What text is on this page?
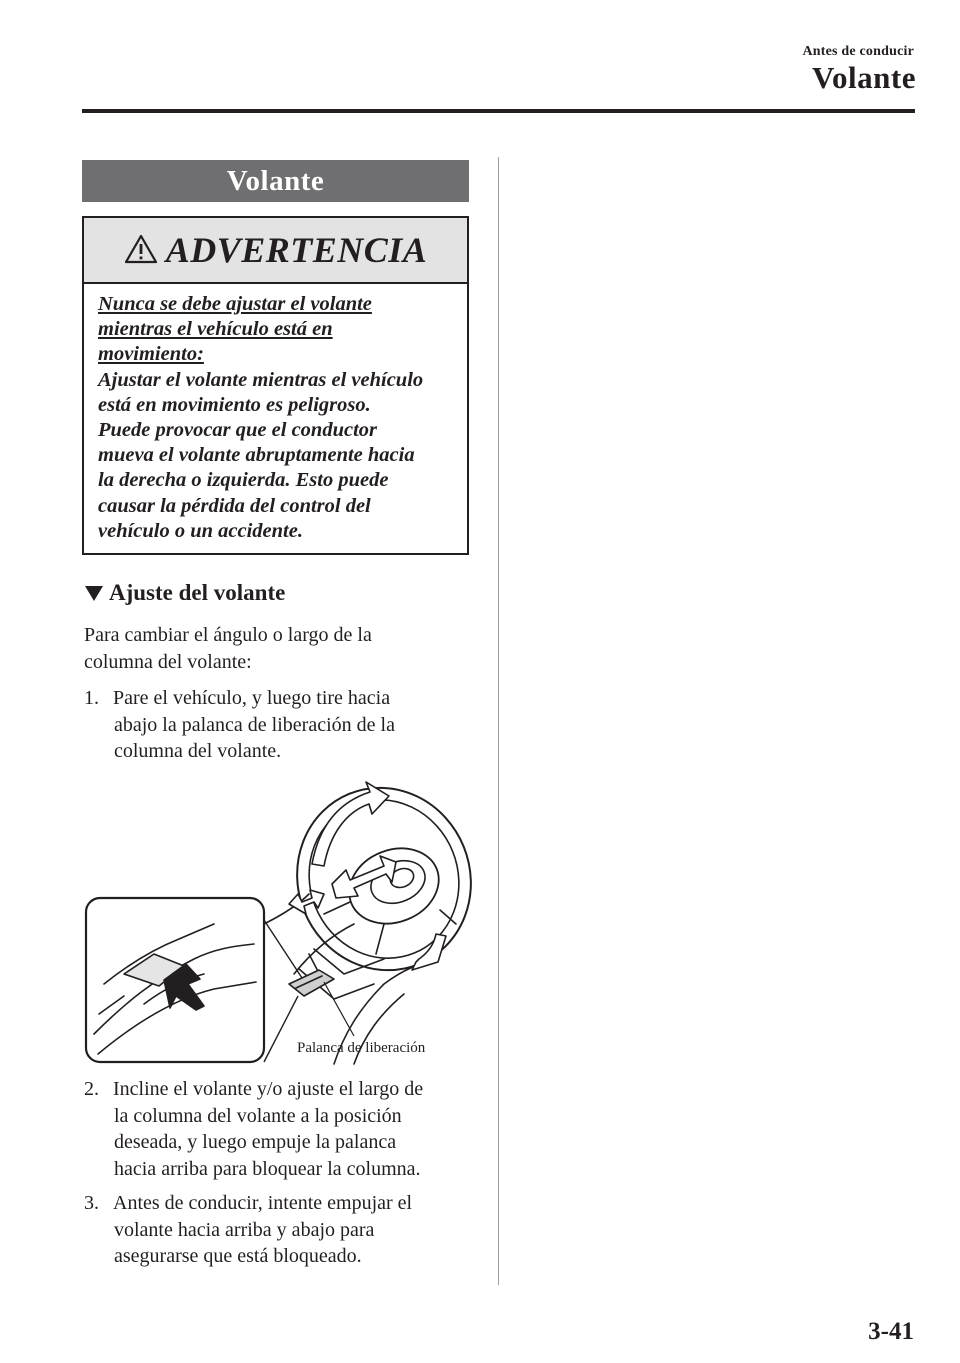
Antes de conducir
Volante
Volante
ADVERTENCIA
Nunca se debe ajustar el volante
mientras el vehículo está en
movimiento:
Ajustar el volante mientras el vehículo
está en movimiento es peligroso.
Puede provocar que el conductor
mueva el volante abruptamente hacia
la derecha o izquierda. Esto puede
causar la pérdida del control del
vehículo o un accidente.
Ajuste del volante
Para cambiar el ángulo o largo de la
columna del volante:
1. Pare el vehículo, y luego tire hacia
abajo la palanca de liberación de la
columna del volante.
Palanca de liberación
2. Incline el volante y/o ajuste el largo de
la columna del volante a la posición
deseada, y luego empuje la palanca
hacia arriba para bloquear la columna.
3. Antes de conducir, intente empujar el
volante hacia arriba y abajo para
asegurarse que está bloqueado.
3-41
